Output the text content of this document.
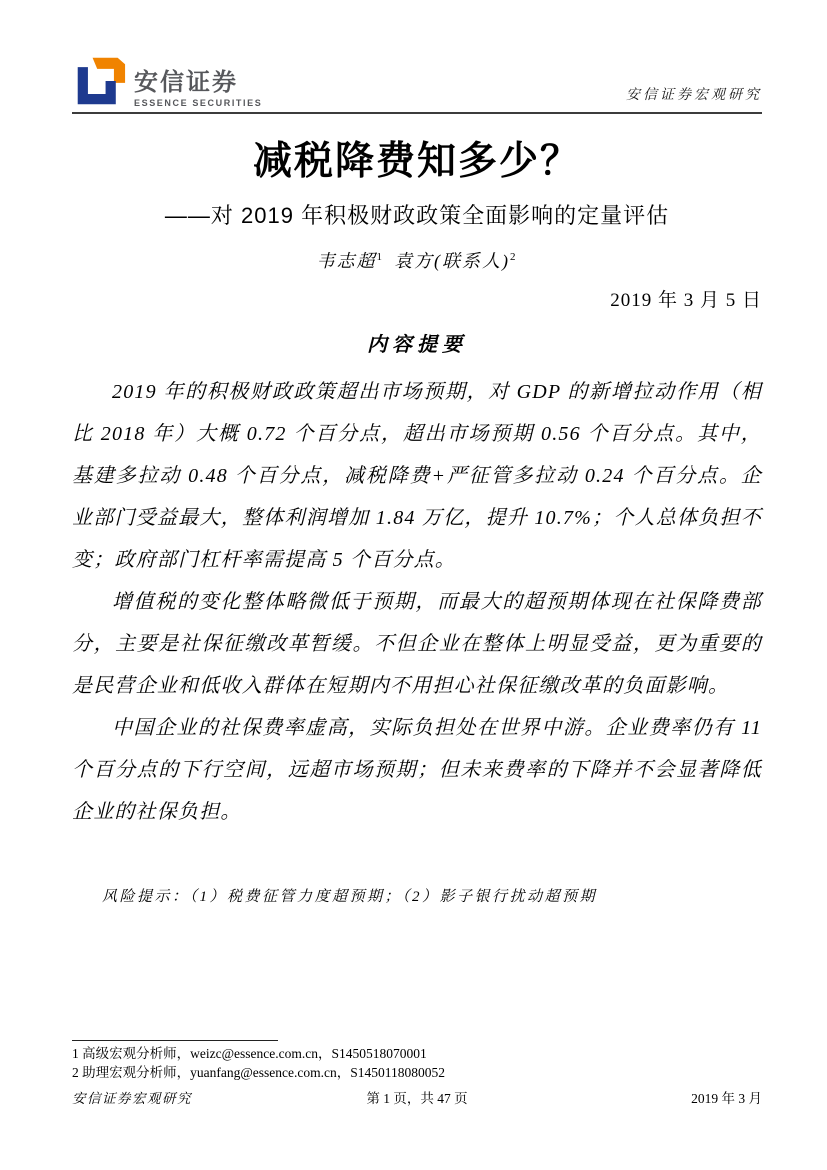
安信证券
ESSENCE SECURITIES	安信证券宏观研究
减税降费知多少？
——对 2019 年积极财政政策全面影响的定量评估
韦志超$^1$ 袁方(联系人)$^2$
2019 年 3 月 5 日
内容提要

2019 年的积极财政政策超出市场预期，对 GDP 的新增拉动作用（相比 2018 年）大概 0.72 个百分点，超出市场预期 0.56 个百分点。其中，基建多拉动 0.48 个百分点，减税降费+严征管多拉动 0.24 个百分点。企业部门受益最大，整体利润增加 1.84 万亿，提升 10.7%；个人总体负担不变；政府部门杠杆率需提高 5 个百分点。

增值税的变化整体略微低于预期，而最大的超预期体现在社保降费部分，主要是社保征缴改革暂缓。不但企业在整体上明显受益，更为重要的是民营企业和低收入群体在短期内不用担心社保征缴改革的负面影响。

中国企业的社保费率虚高，实际负担处在世界中游。企业费率仍有 11 个百分点的下行空间，远超市场预期；但未来费率的下降并不会显著降低企业的社保负担。

风险提示：（1）税费征管力度超预期；（2）影子银行扰动超预期
1 高级宏观分析师，weizc@essence.com.cn，S1450518070001
2 助理宏观分析师，yuanfang@essence.com.cn，S1450118080052
安信证券宏观研究	第 1 页，共 47 页	2019 年 3 月
